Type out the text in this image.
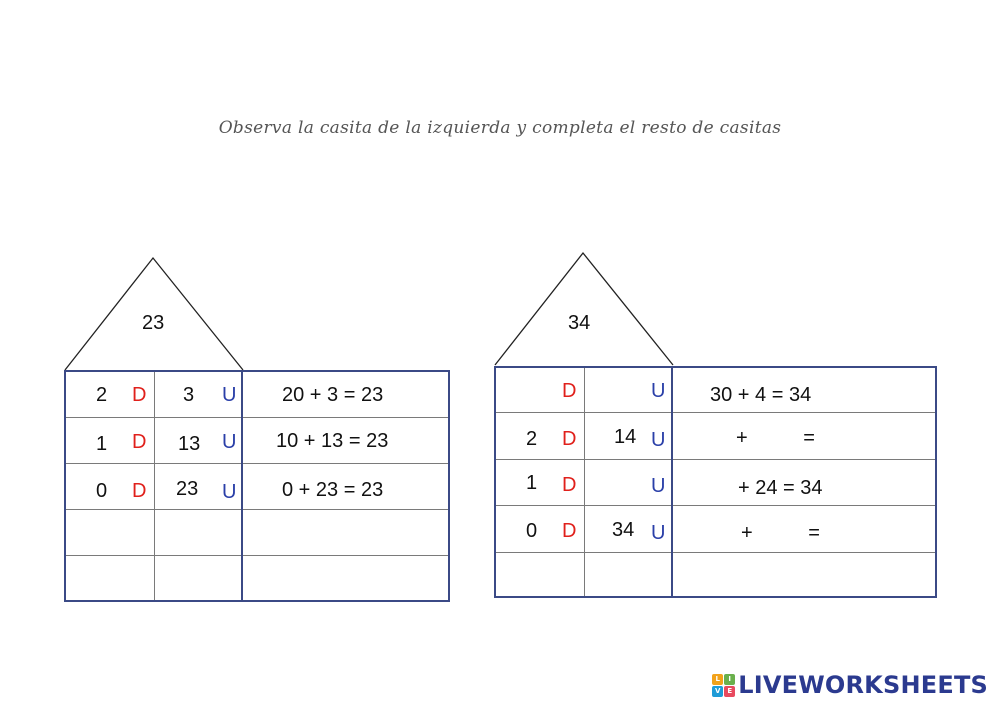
Observa la casita de la izquierda y completa el resto de casitas
23
2 D 3 U 20 + 3 = 23
1 D 13 U 10 + 13 = 23
0 D 23 U 0 + 23 = 23
34
D	U 30 + 4 = 34
2 D 14 U	+          =
1 D	U	+ 24 = 34
0 D 34 U	+          =
L	I
V E LIVEWORKSHEETS
